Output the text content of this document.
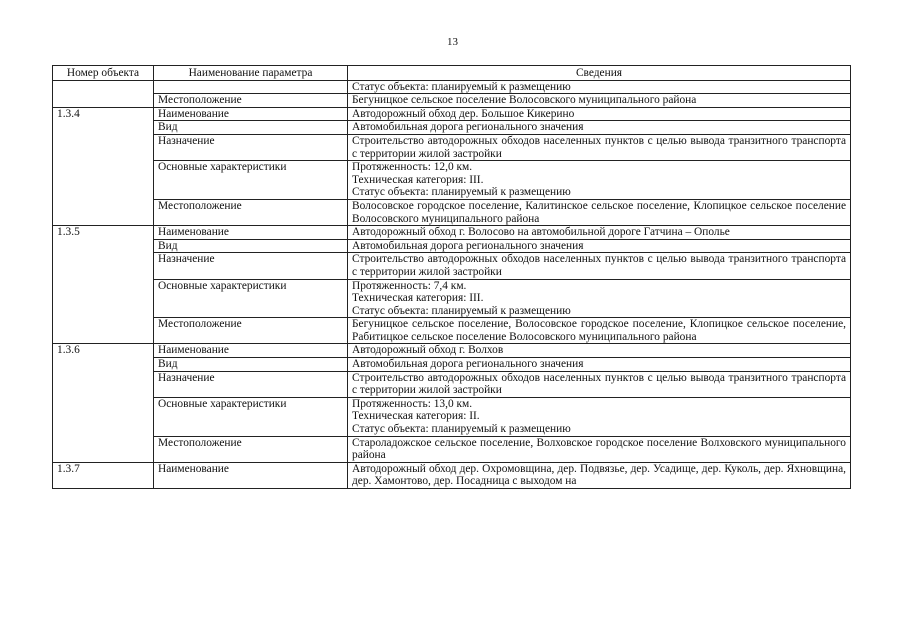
13
Номер объекта	Наименование параметра	Сведения

		Статус объекта: планируемый к размещению

	Местоположение	Бегуницкое сельское поселение Волосовского муниципального района

1.3.4	Наименование	Автодорожный обход дер. Большое Кикерино

	Вид	Автомобильная дорога регионального значения

	Назначение	Строительство автодорожных обходов населенных пунктов с целью вывода транзитного транспорта с территории жилой застройки

	Основные характеристики	Протяженность: 12,0 км.
Техническая категория: III.
Статус объекта: планируемый к размещению

	Местоположение	Волосовское городское поселение, Калитинское сельское поселение, Клопицкое сельское поселение Волосовского муниципального района

1.3.5	Наименование	Автодорожный обход г. Волосово на автомобильной дороге Гатчина – Ополье

	Вид	Автомобильная дорога регионального значения

	Назначение	Строительство автодорожных обходов населенных пунктов с целью вывода транзитного транспорта с территории жилой застройки

	Основные характеристики	Протяженность: 7,4 км.
Техническая категория: III.
Статус объекта: планируемый к размещению

	Местоположение	Бегуницкое сельское поселение, Волосовское городское поселение, Клопицкое сельское поселение, Рабитицкое сельское поселение Волосовского муниципального района

1.3.6	Наименование	Автодорожный обход г. Волхов

	Вид	Автомобильная дорога регионального значения

	Назначение	Строительство автодорожных обходов населенных пунктов с целью вывода транзитного транспорта с территории жилой застройки

	Основные характеристики	Протяженность: 13,0 км.
Техническая категория: II.
Статус объекта: планируемый к размещению

	Местоположение	Староладожское сельское поселение, Волховское городское поселение Волховского муниципального района

1.3.7	Наименование	Автодорожный обход дер. Охромовщина, дер. Подвязье, дер. Усадище, дер. Куколь, дер. Яхновщина, дер. Хамонтово, дер. Посадница с выходом на
